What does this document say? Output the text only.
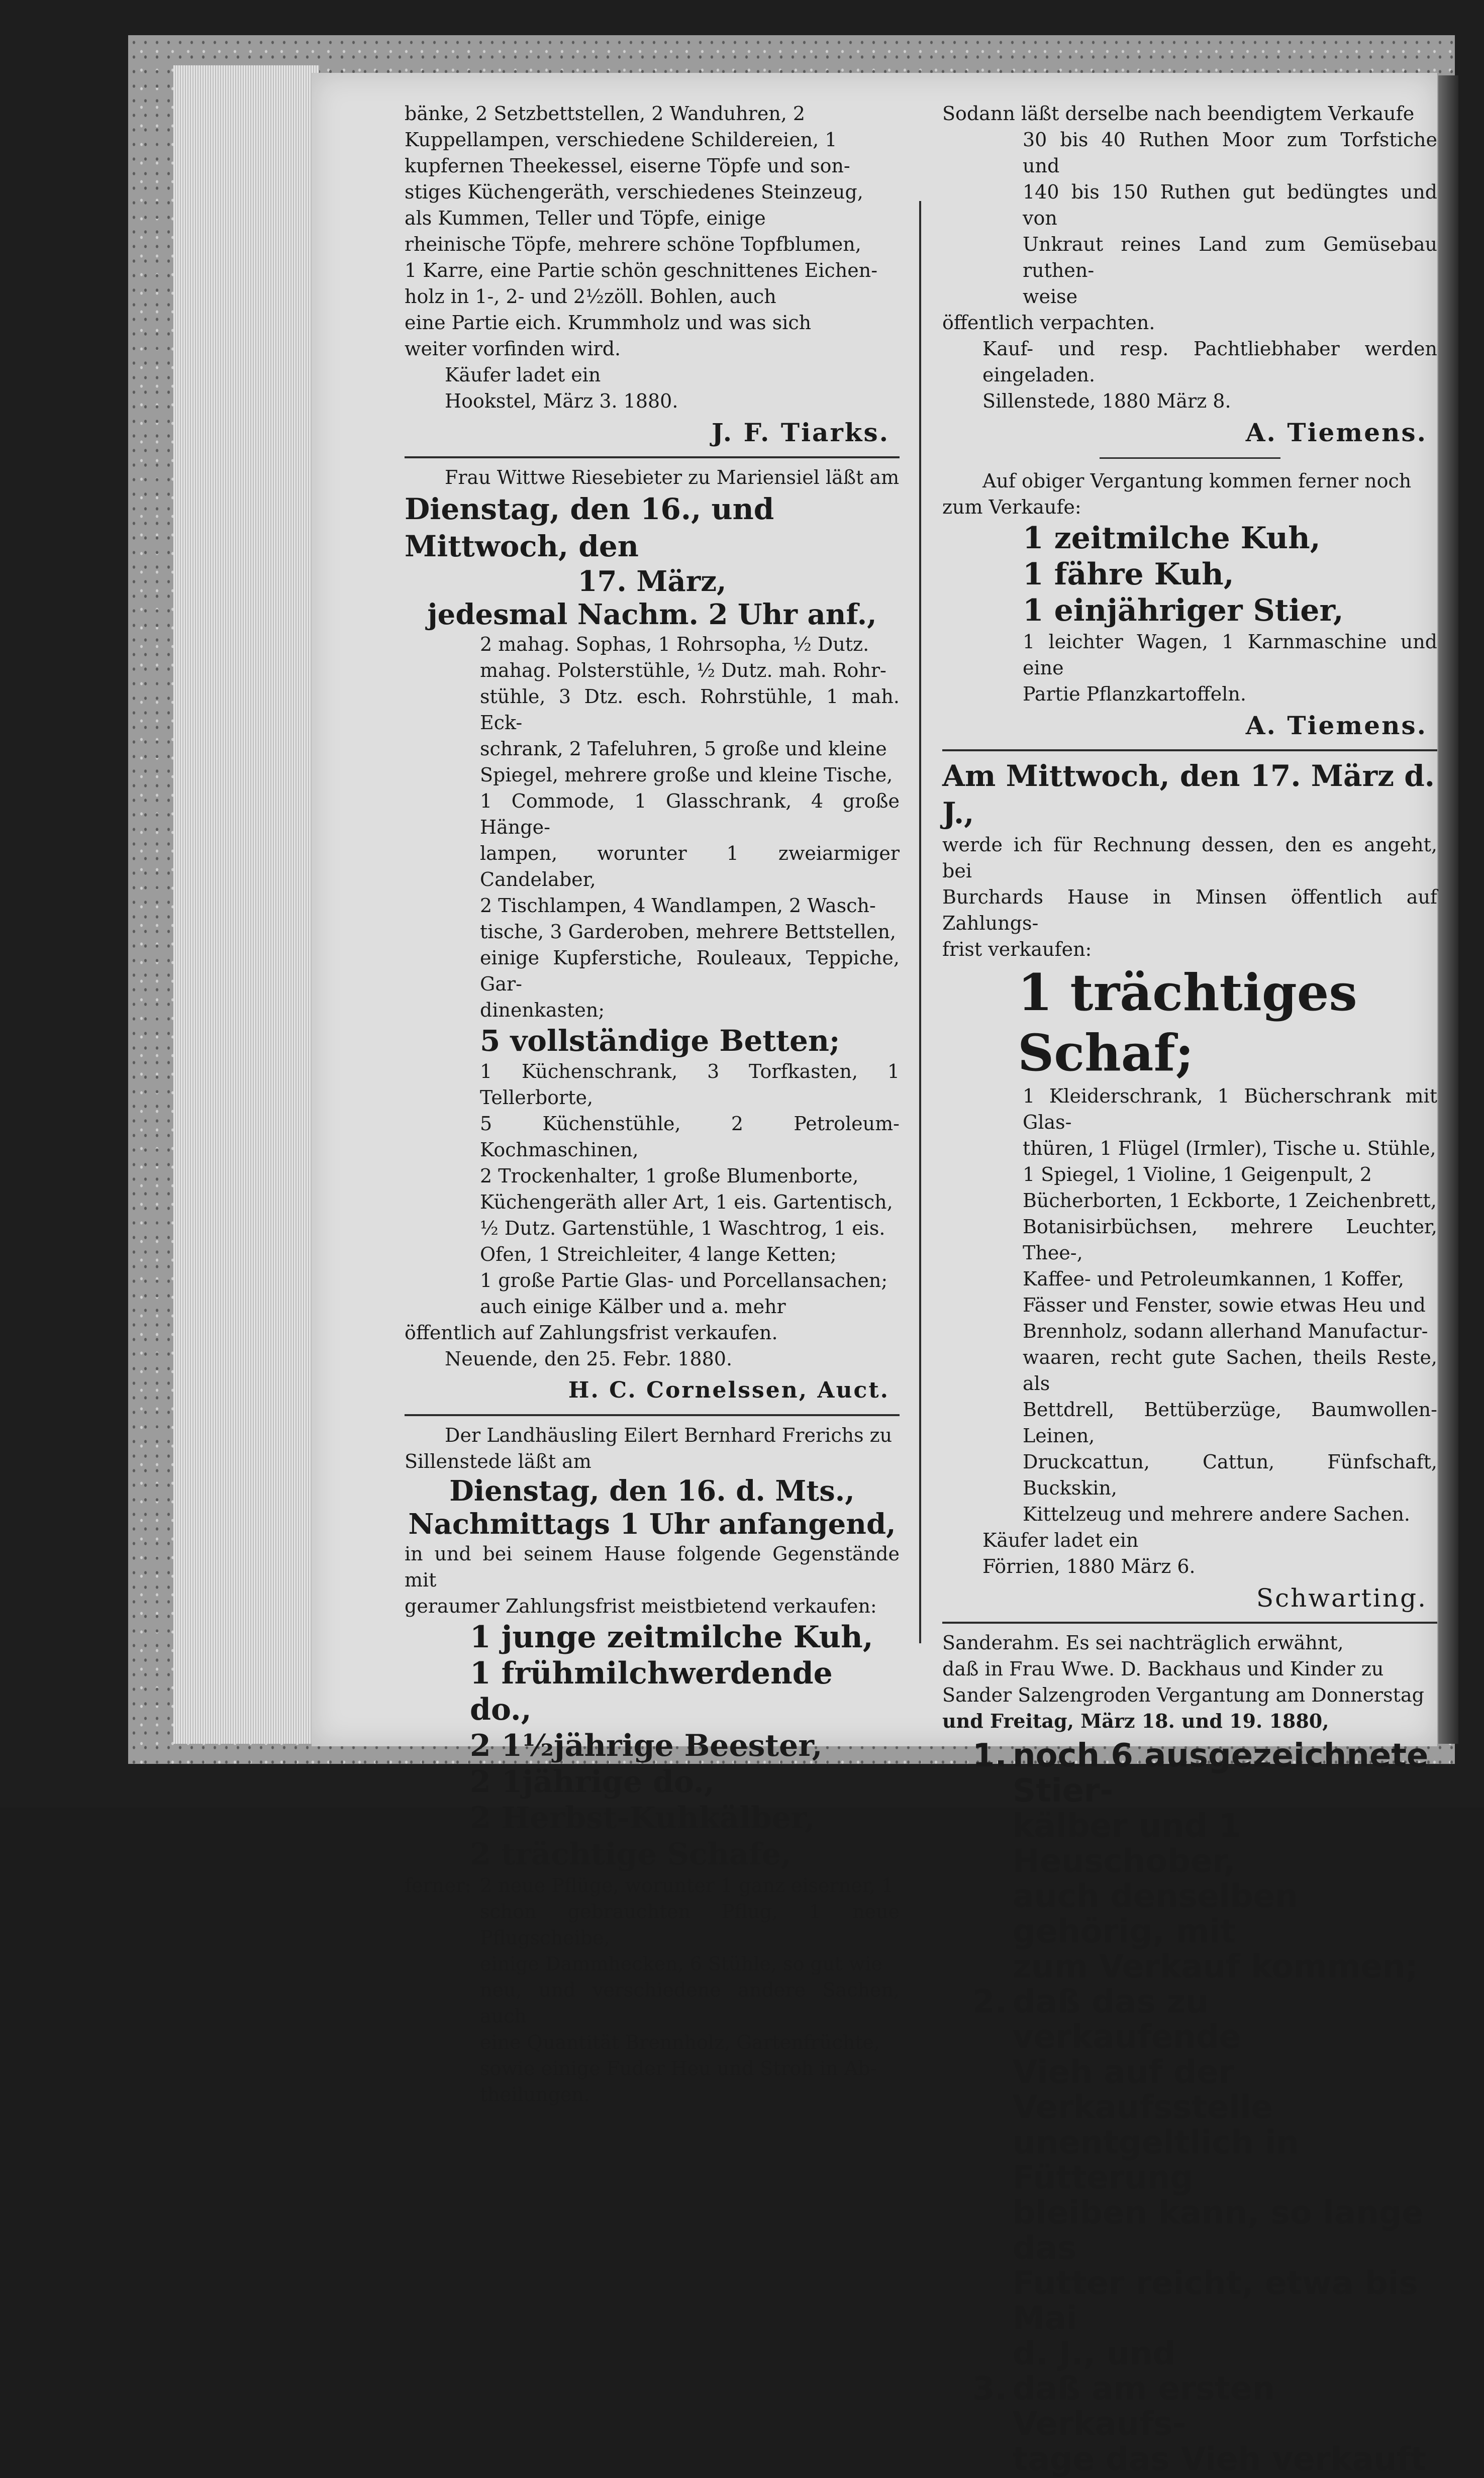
bänke, 2 Setzbettstellen, 2 Wanduhren, 2

Kuppellampen, verschiedene Schildereien, 1

kupfernen Theekessel, eiserne Töpfe und son-

stiges Küchengeräth, verschiedenes Steinzeug,

als Kummen, Teller und Töpfe, einige

rheinische Töpfe, mehrere schöne Topfblumen,

1 Karre, eine Partie schön geschnittenes Eichen-

holz in 1-, 2- und 2½zöll. Bohlen, auch

eine Partie eich. Krummholz und was sich

weiter vorfinden wird.

Käufer ladet ein

Hookstel, März 3. 1880.

J. F. Tiarks.

Frau Wittwe Riesebieter zu Mariensiel läßt am

Dienstag, den 16., und Mittwoch, den

17. März,

jedesmal Nachm. 2 Uhr anf.,

2 mahag. Sophas, 1 Rohrsopha, ½ Dutz.

mahag. Polsterstühle, ½ Dutz. mah. Rohr-

stühle, 3 Dtz. esch. Rohrstühle, 1 mah. Eck-

schrank, 2 Tafeluhren, 5 große und kleine

Spiegel, mehrere große und kleine Tische,

1 Commode, 1 Glasschrank, 4 große Hänge-

lampen, worunter 1 zweiarmiger Candelaber,

2 Tischlampen, 4 Wandlampen, 2 Wasch-

tische, 3 Garderoben, mehrere Bettstellen,

einige Kupferstiche, Rouleaux, Teppiche, Gar-

dinenkasten;

5 vollständige Betten;

1 Küchenschrank, 3 Torfkasten, 1 Tellerborte,

5 Küchenstühle, 2 Petroleum-Kochmaschinen,

2 Trockenhalter, 1 große Blumenborte,

Küchengeräth aller Art, 1 eis. Gartentisch,

½ Dutz. Gartenstühle, 1 Waschtrog, 1 eis.

Ofen, 1 Streichleiter, 4 lange Ketten;

1 große Partie Glas- und Porcellansachen;

auch einige Kälber und a. mehr

öffentlich auf Zahlungsfrist verkaufen.

Neuende, den 25. Febr. 1880.

H. C. Cornelssen, Auct.

Der Landhäusling Eilert Bernhard Frerichs zu

Sillenstede läßt am

Dienstag, den 16. d. Mts.,

Nachmittags 1 Uhr anfangend,

in und bei seinem Hause folgende Gegenstände mit

geraumer Zahlungsfrist meistbietend verkaufen:

1 junge zeitmilche Kuh,

1 frühmilchwerdende do.,

2 1½jährige Beester,

2 1jährige do.,

2 Herbst-Kuhkälber,

2 trächtige Schafe,

ferner: 2 neue Pflüge, worunter 1 ganz eiserner, 1

schon gebrauchten Pflug, 1 neue Pflugscheibe,

einige Dammhecken, 6 Stühle, so gut wie

neu, und verschiedene andere Sachen, auch

eine Quantität Brennholz, Gartenfrüchte,

sowie einige Fuder Heu und Stroh in Ab-

theilungen.

Sodann läßt derselbe nach beendigtem Verkaufe

30 bis 40 Ruthen Moor zum Torfstiche und

140 bis 150 Ruthen gut bedüngtes und von

Unkraut reines Land zum Gemüsebau ruthen-

weise

öffentlich verpachten.

Kauf- und resp. Pachtliebhaber werden eingeladen.

Sillenstede, 1880 März 8.

A. Tiemens.

Auf obiger Vergantung kommen ferner noch

zum Verkaufe:

1 zeitmilche Kuh,

1 fähre Kuh,

1 einjähriger Stier,

1 leichter Wagen, 1 Karnmaschine und eine

Partie Pflanzkartoffeln.

A. Tiemens.

Am Mittwoch, den 17. März d. J.,

werde ich für Rechnung dessen, den es angeht, bei

Burchards Hause in Minsen öffentlich auf Zahlungs-

frist verkaufen:

1 trächtiges Schaf;

1 Kleiderschrank, 1 Bücherschrank mit Glas-

thüren, 1 Flügel (Irmler), Tische u. Stühle,

1 Spiegel, 1 Violine, 1 Geigenpult, 2

Bücherborten, 1 Eckborte, 1 Zeichenbrett,

Botanisirbüchsen, mehrere Leuchter, Thee-,

Kaffee- und Petroleumkannen, 1 Koffer,

Fässer und Fenster, sowie etwas Heu und

Brennholz, sodann allerhand Manufactur-

waaren, recht gute Sachen, theils Reste, als

Bettdrell, Bettüberzüge, Baumwollen-Leinen,

Druckcattun, Cattun, Fünfschaft, Buckskin,

Kittelzeug und mehrere andere Sachen.

Käufer ladet ein

Förrien, 1880 März 6.

Schwarting.

Sanderahm. Es sei nachträglich erwähnt,

daß in Frau Wwe. D. Backhaus und Kinder zu

Sander Salzengroden Vergantung am Donnerstag

und Freitag, März 18. und 19. 1880,

1. noch 6 ausgezeichnete Stier-

kälber und 1 Heuschober,

auch denselben gehörig, mit

zum Verkauf kommen;

2. daß das zu verkaufende

Vieh auf der Verkaufsstelle

unentgeltlich in Fütterung

bleiben kann, so lange das

Futter reicht, etwa bis Mai

d. J., und

3. daß am ersten Verkaufs-

tage das Vieh verkauft
